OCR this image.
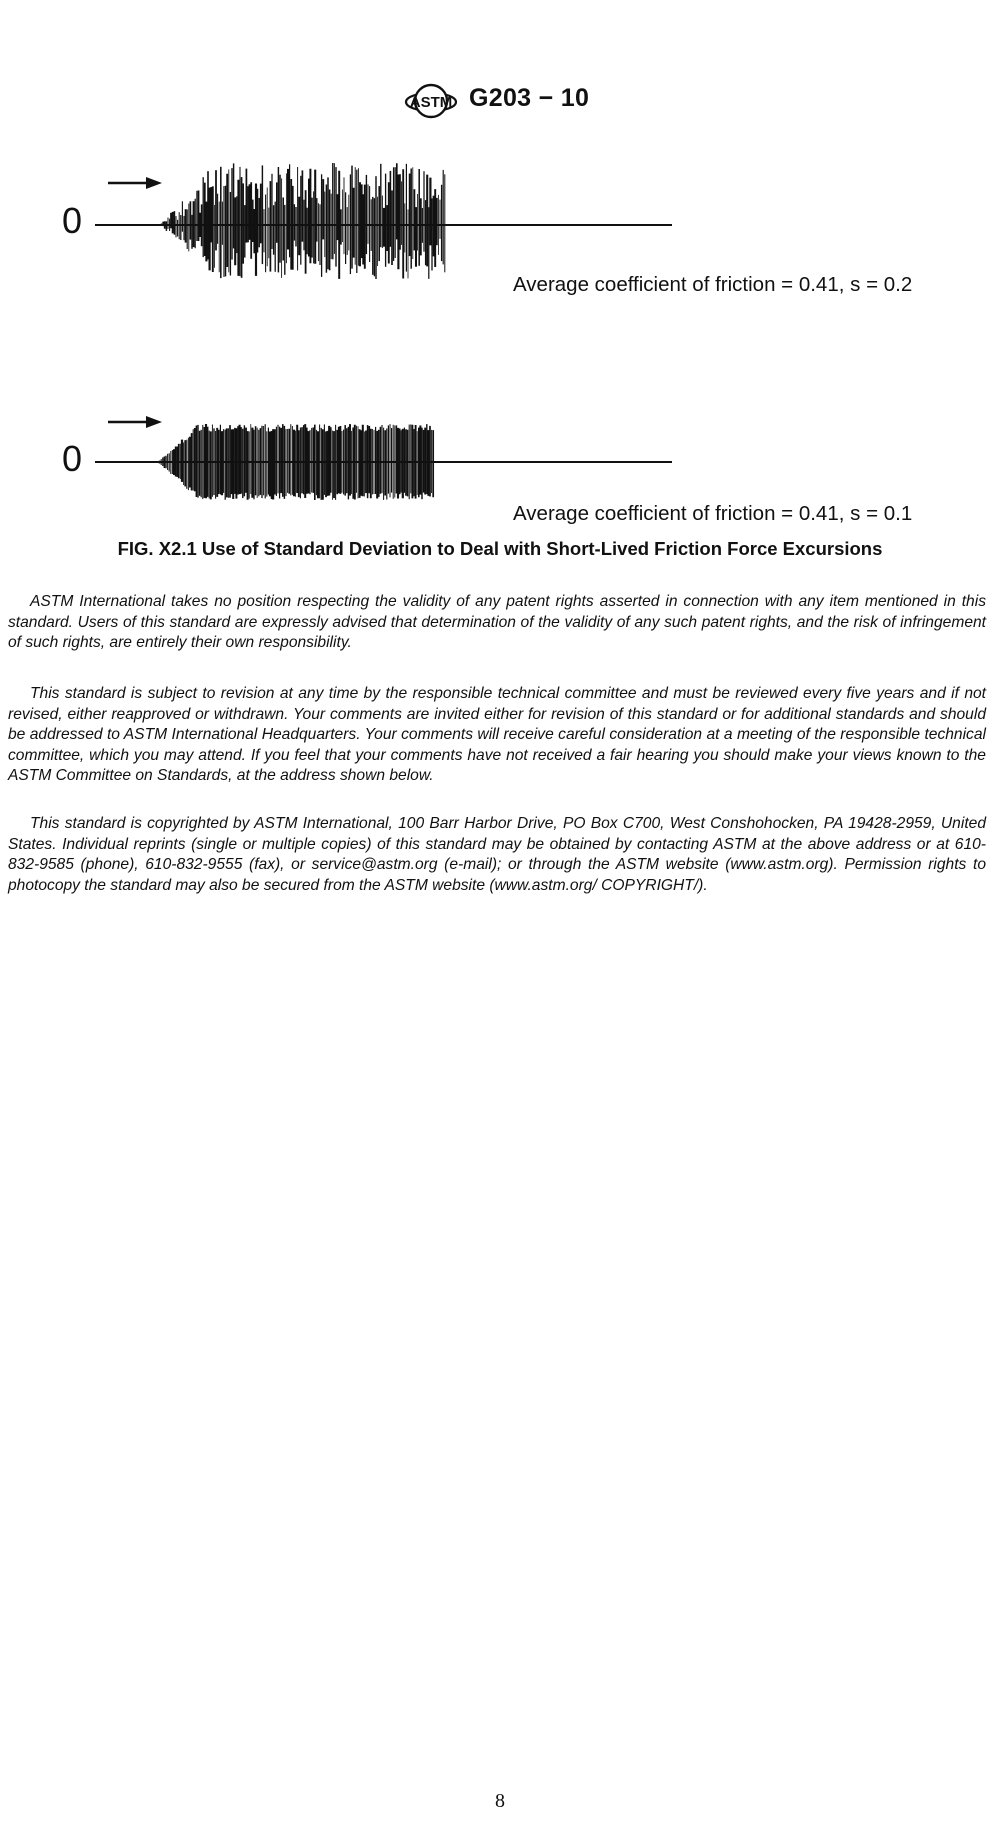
ASTM G203 − 10
0
Average coefficient of friction = 0.41, s = 0.2
0
Average coefficient of friction = 0.41, s = 0.1
FIG. X2.1 Use of Standard Deviation to Deal with Short-Lived Friction Force Excursions

ASTM International takes no position respecting the validity of any patent rights asserted in connection with any item mentioned in this standard. Users of this standard are expressly advised that determination of the validity of any such patent rights, and the risk of infringement of such rights, are entirely their own responsibility.

This standard is subject to revision at any time by the responsible technical committee and must be reviewed every five years and if not revised, either reapproved or withdrawn. Your comments are invited either for revision of this standard or for additional standards and should be addressed to ASTM International Headquarters. Your comments will receive careful consideration at a meeting of the responsible technical committee, which you may attend. If you feel that your comments have not received a fair hearing you should make your views known to the ASTM Committee on Standards, at the address shown below.

This standard is copyrighted by ASTM International, 100 Barr Harbor Drive, PO Box C700, West Conshohocken, PA 19428-2959, United States. Individual reprints (single or multiple copies) of this standard may be obtained by contacting ASTM at the above address or at 610-832-9585 (phone), 610-832-9555 (fax), or service@astm.org (e-mail); or through the ASTM website (www.astm.org). Permission rights to photocopy the standard may also be secured from the ASTM website (www.astm.org/ COPYRIGHT/).

8
